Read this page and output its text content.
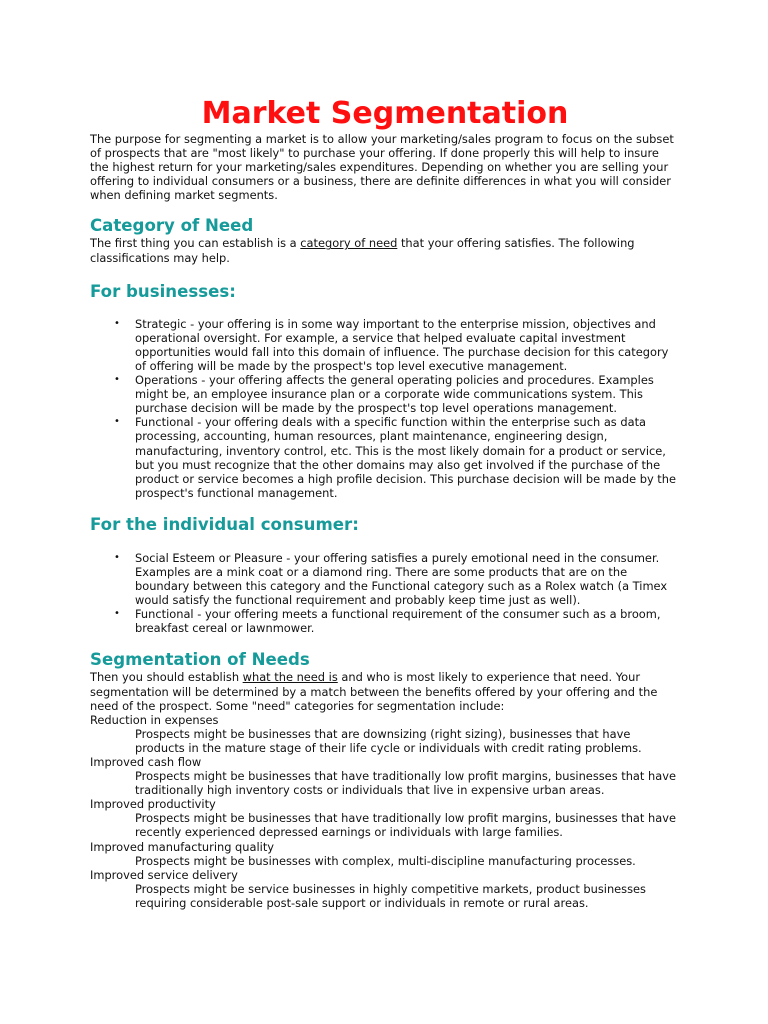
Market Segmentation

The purpose for segmenting a market is to allow your marketing/sales program to focus on the subset of prospects that are "most likely" to purchase your offering. If done properly this will help to insure the highest return for your marketing/sales expenditures. Depending on whether you are selling your offering to individual consumers or a business, there are definite differences in what you will consider when defining market segments.

Category of Need

The first thing you can establish is a category of need that your offering satisfies. The following classifications may help.

For businesses:
• Strategic - your offering is in some way important to the enterprise mission, objectives and operational oversight. For example, a service that helped evaluate capital investment opportunities would fall into this domain of influence. The purchase decision for this category of offering will be made by the prospect's top level executive management.
• Operations - your offering affects the general operating policies and procedures. Examples might be, an employee insurance plan or a corporate wide communications system. This purchase decision will be made by the prospect's top level operations management.
• Functional - your offering deals with a specific function within the enterprise such as data processing, accounting, human resources, plant maintenance, engineering design, manufacturing, inventory control, etc. This is the most likely domain for a product or service, but you must recognize that the other domains may also get involved if the purchase of the product or service becomes a high profile decision. This purchase decision will be made by the prospect's functional management.
For the individual consumer:
• Social Esteem or Pleasure - your offering satisfies a purely emotional need in the consumer. Examples are a mink coat or a diamond ring. There are some products that are on the boundary between this category and the Functional category such as a Rolex watch (a Timex would satisfy the functional requirement and probably keep time just as well).
• Functional - your offering meets a functional requirement of the consumer such as a broom, breakfast cereal or lawnmower.
Segmentation of Needs

Then you should establish what the need is and who is most likely to experience that need. Your segmentation will be determined by a match between the benefits offered by your offering and the need of the prospect. Some "need" categories for segmentation include:

Reduction in expenses
Prospects might be businesses that are downsizing (right sizing), businesses that have products in the mature stage of their life cycle or individuals with credit rating problems.
Improved cash flow
Prospects might be businesses that have traditionally low profit margins, businesses that have traditionally high inventory costs or individuals that live in expensive urban areas.
Improved productivity
Prospects might be businesses that have traditionally low profit margins, businesses that have recently experienced depressed earnings or individuals with large families.
Improved manufacturing quality
Prospects might be businesses with complex, multi-discipline manufacturing processes.
Improved service delivery
Prospects might be service businesses in highly competitive markets, product businesses requiring considerable post-sale support or individuals in remote or rural areas.
